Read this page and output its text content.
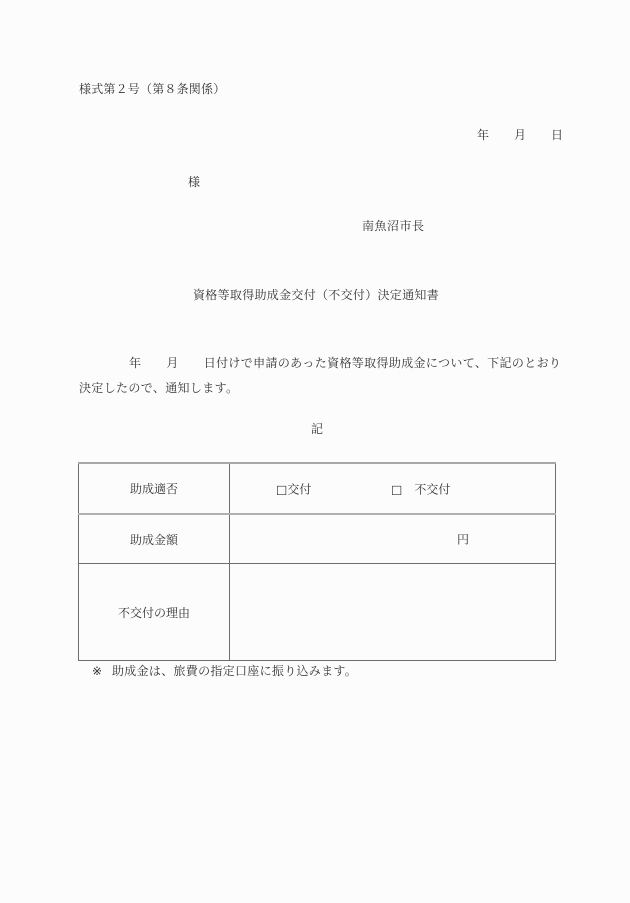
様式第２号（第８条関係）
年 月 日
様
南魚沼市長
資格等取得助成金交付（不交付）決定通知書
年 月 日付けで申請のあった資格等取得助成金について、下記のとおり決定したので、通知します。
記
助成適否	□交付 □ 不交付

助成金額	円

不交付の理由	
※ 助成金は、旅費の指定口座に振り込みます。
